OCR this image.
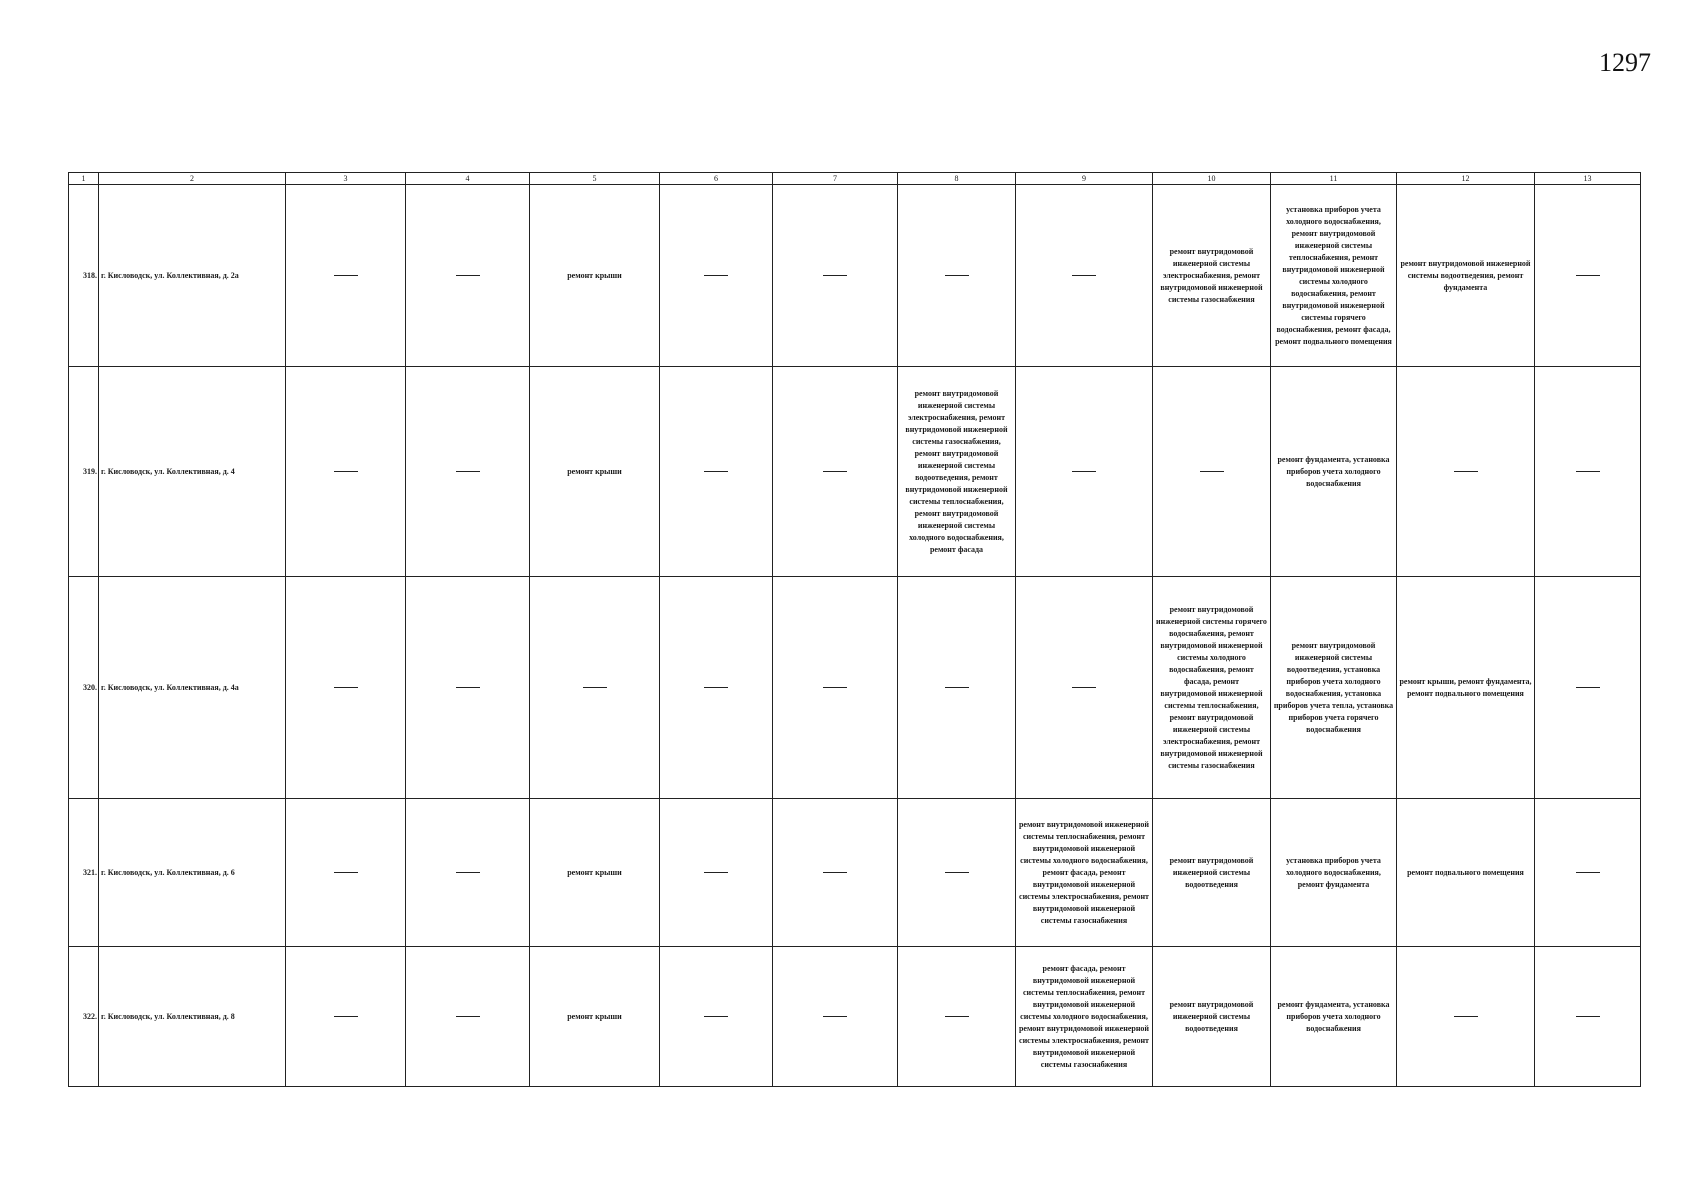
1297
1	2	3	4	5	6	7	8	9	10	11	12	13
318.	г. Кисловодск, ул. Коллективная, д. 2а			ремонт крыши					ремонт внутридомовой инженерной системы электроснабжения, ремонт внутридомовой инженерной системы газоснабжения	установка приборов учета холодного водоснабжения, ремонт внутридомовой инженерной системы теплоснабжения, ремонт внутридомовой инженерной системы холодного водоснабжения, ремонт внутридомовой инженерной системы горячего водоснабжения, ремонт фасада, ремонт подвального помещения	ремонт внутридомовой инженерной системы водоотведения, ремонт фундамента	
319.	г. Кисловодск, ул. Коллективная, д. 4			ремонт крыши			ремонт внутридомовой инженерной системы электроснабжения, ремонт внутридомовой инженерной системы газоснабжения, ремонт внутридомовой инженерной системы водоотведения, ремонт внутридомовой инженерной системы теплоснабжения, ремонт внутридомовой инженерной системы холодного водоснабжения, ремонт фасада			ремонт фундамента, установка приборов учета холодного водоснабжения		
320.	г. Кисловодск, ул. Коллективная, д. 4а								ремонт внутридомовой инженерной системы горячего водоснабжения, ремонт внутридомовой инженерной системы холодного водоснабжения, ремонт фасада, ремонт внутридомовой инженерной системы теплоснабжения, ремонт внутридомовой инженерной системы электроснабжения, ремонт внутридомовой инженерной системы газоснабжения	ремонт внутридомовой инженерной системы водоотведения, установка приборов учета холодного водоснабжения, установка приборов учета тепла, установка приборов учета горячего водоснабжения	ремонт крыши, ремонт фундамента, ремонт подвального помещения	
321.	г. Кисловодск, ул. Коллективная, д. 6			ремонт крыши				ремонт внутридомовой инженерной системы теплоснабжения, ремонт внутридомовой инженерной системы холодного водоснабжения, ремонт фасада, ремонт внутридомовой инженерной системы электроснабжения, ремонт внутридомовой инженерной системы газоснабжения	ремонт внутридомовой инженерной системы водоотведения	установка приборов учета холодного водоснабжения, ремонт фундамента	ремонт подвального помещения	
322.	г. Кисловодск, ул. Коллективная, д. 8			ремонт крыши				ремонт фасада, ремонт внутридомовой инженерной системы теплоснабжения, ремонт внутридомовой инженерной системы холодного водоснабжения, ремонт внутридомовой инженерной системы электроснабжения, ремонт внутридомовой инженерной системы газоснабжения	ремонт внутридомовой инженерной системы водоотведения	ремонт фундамента, установка приборов учета холодного водоснабжения		
